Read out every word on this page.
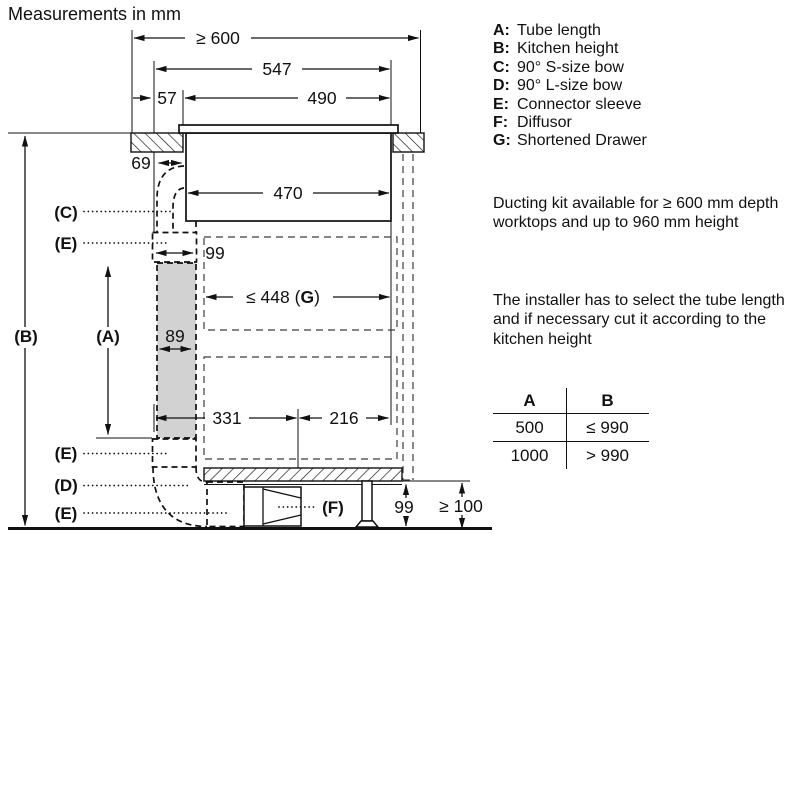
Measurements in mm
≥ 600
547
57	490
69
470
99
≤ 448 (G)
89
331	216
99 ≥ 100
(C)
(E)
(B)	(A)
(E)
(D)
(E)	(F)
A: Tube length
B: Kitchen height
C: 90° S-size bow
D: 90° L-size bow
E: Connector sleeve
F: Diffusor
G: Shortened Drawer
Ducting kit available for ≥ 600 mm depth worktops and up to 960 mm height
The installer has to select the tube length and if necessary cut it according to the kitchen height
A	B
500	≤ 990
1000	> 990
